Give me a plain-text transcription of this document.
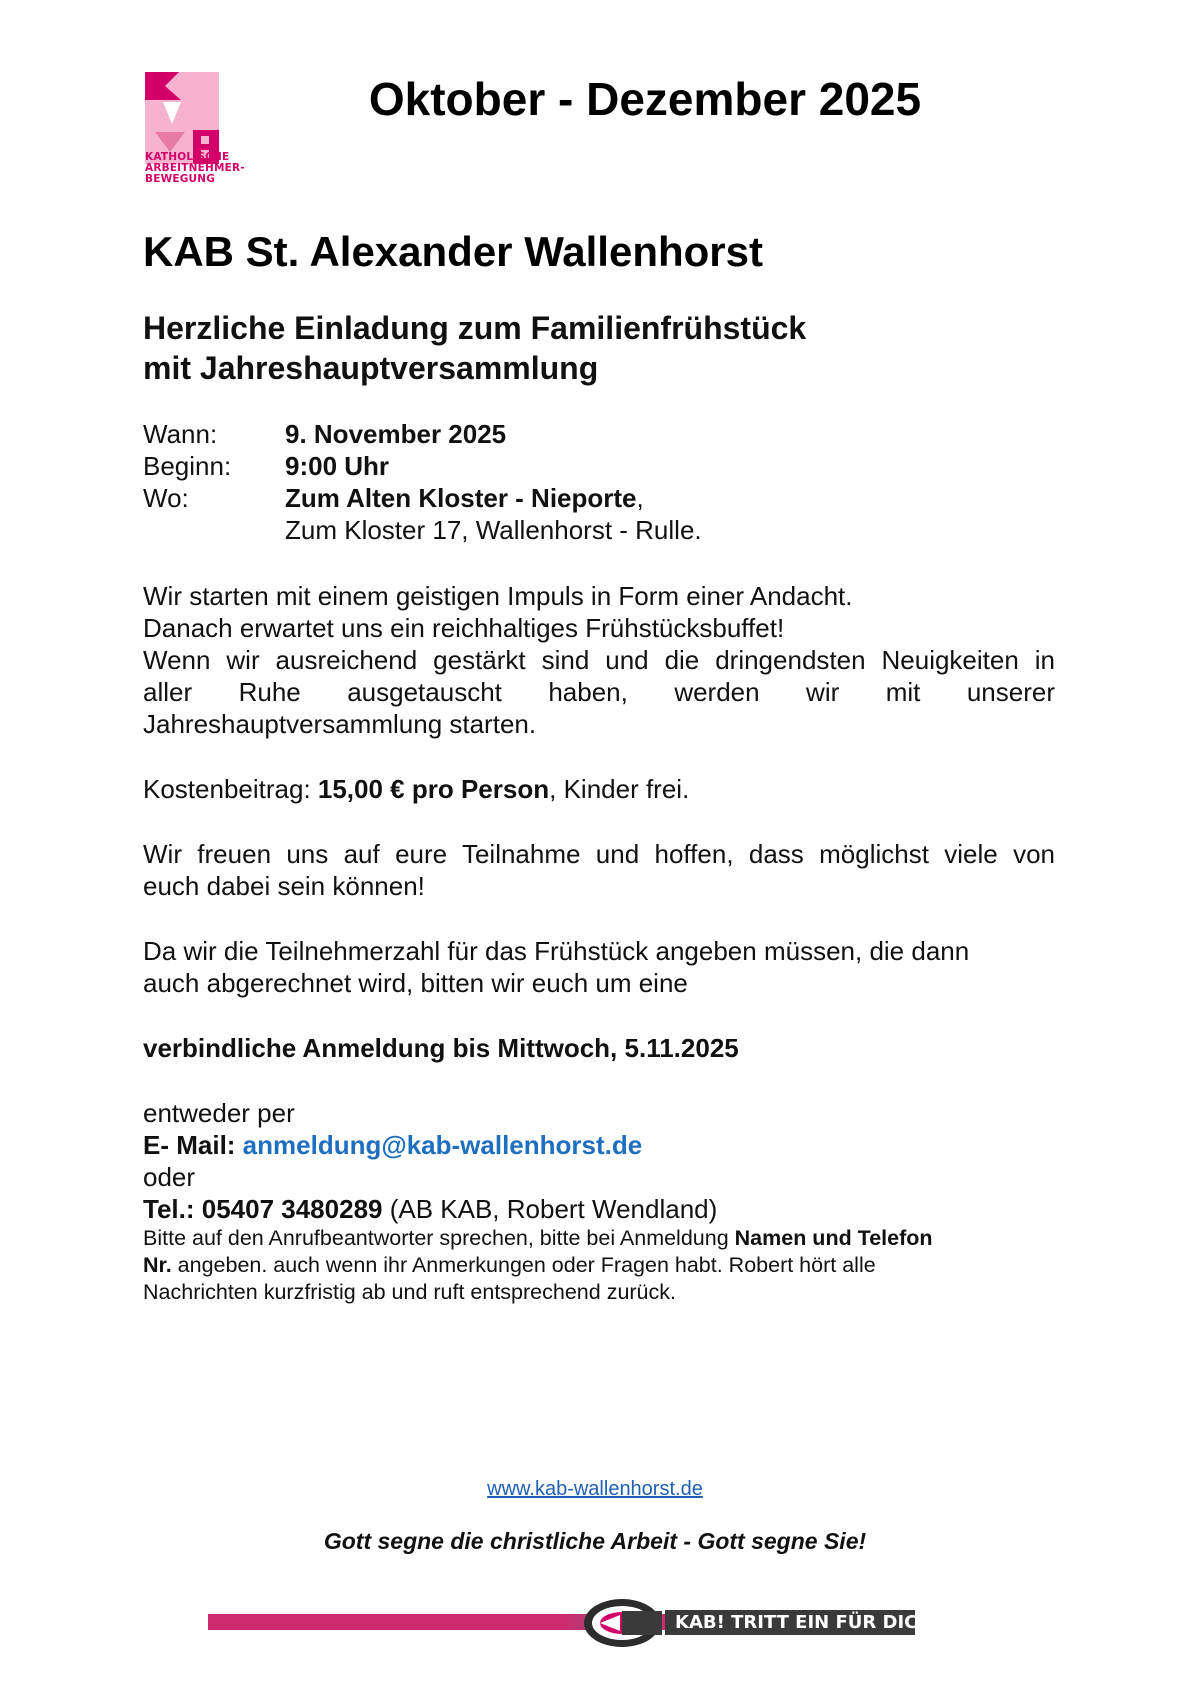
KATHOLISCHE
ARBEITNEHMER-
BEWEGUNG
Oktober - Dezember 2025
KAB St. Alexander Wallenhorst
Herzliche Einladung zum Familienfrühstück
mit Jahreshauptversammlung
Wann:	9. November 2025
Beginn:	9:00 Uhr
Wo:	Zum Alten Kloster - Nieporte,
Zum Kloster 17, Wallenhorst - Rulle.
Wir starten mit einem geistigen Impuls in Form einer Andacht.
Danach erwartet uns ein reichhaltiges Frühstücksbuffet!
Wenn wir ausreichend gestärkt sind und die dringendsten Neuigkeiten in
aller Ruhe ausgetauscht haben, werden wir mit unserer
Jahreshauptversammlung starten.
Kostenbeitrag: 15,00 € pro Person, Kinder frei.
Wir freuen uns auf eure Teilnahme und hoffen, dass möglichst viele von
euch dabei sein können!
Da wir die Teilnehmerzahl für das Frühstück angeben müssen, die dann
auch abgerechnet wird, bitten wir euch um eine
verbindliche Anmeldung bis Mittwoch, 5.11.2025
entweder per
E- Mail: anmeldung@kab-wallenhorst.de
oder
Tel.: 05407 3480289 (AB KAB, Robert Wendland)
Bitte auf den Anrufbeantworter sprechen, bitte bei Anmeldung Namen und Telefon
Nr. angeben. auch wenn ihr Anmerkungen oder Fragen habt. Robert hört alle
Nachrichten kurzfristig ab und ruft entsprechend zurück.
www.kab-wallenhorst.de
Gott segne die christliche Arbeit - Gott segne Sie!
KAB! TRITT EIN FÜR DICH.
